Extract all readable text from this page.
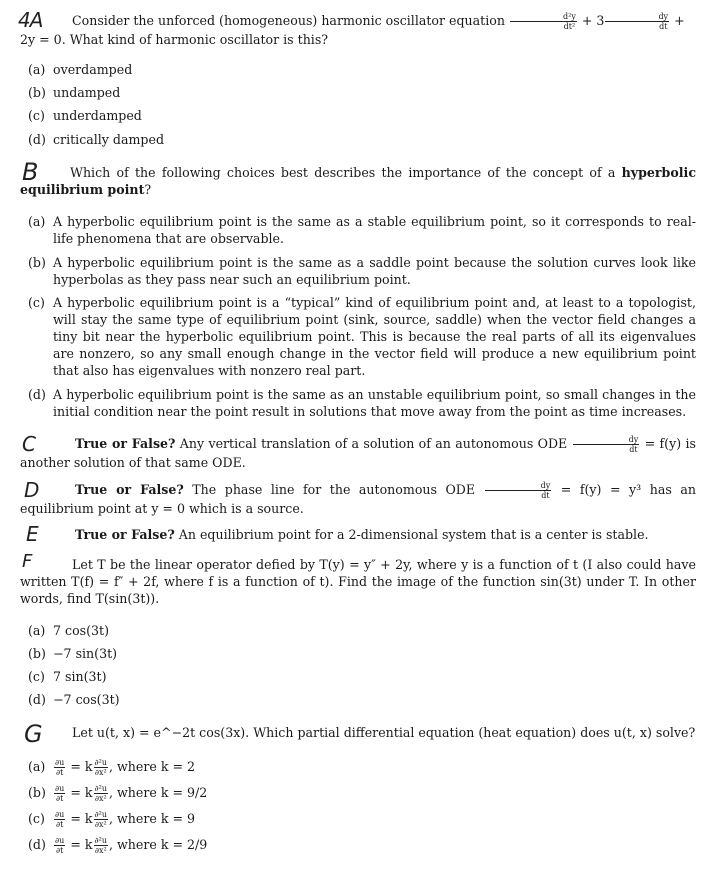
4A	Consider the unforced (homogeneous) harmonic oscillator equation $\frac{\text{d²y}}{\text{dt²}} + 3 \frac{dy}{dt} + 2y = 0$. What kind of harmonic oscillator is this?
(a) overdamped
(b) undamped
(c) underdamped
(d) critically damped
B	Which of the following choices best describes the importance of the concept of a hyperbolic equilibrium point?
(a) A hyperbolic equilibrium point is the same as a stable equilibrium point, so it corresponds to real-life phenomena that are observable.
(b) A hyperbolic equilibrium point is the same as a saddle point because the solution curves look like hyperbolas as they pass near such an equilibrium point.
(c) A hyperbolic equilibrium point is a “typical” kind of equilibrium point and, at least to a topologist, will stay the same type of equilibrium point (sink, source, saddle) when the vector field changes a tiny bit near the hyperbolic equilibrium point. This is because the real parts of all its eigenvalues are nonzero, so any small enough change in the vector field will produce a new equilibrium point that also has eigenvalues with nonzero real part.
(d) A hyperbolic equilibrium point is the same as an unstable equilibrium point, so small changes in the initial condition near the point result in solutions that move away from the point as time increases.
C	True or False? Any vertical translation of a solution of an autonomous ODE $\frac{dy}{dt} = f(y)$ is another solution of that same ODE.
D	True or False? The phase line for the autonomous ODE $\frac{dy}{dt} = f(y) = y^3$ has an equilibrium point at y = 0 which is a source.
E	True or False? An equilibrium point for a 2-dimensional system that is a center is stable.
F	Let T be the linear operator defied by T(y) = y″ + 2y, where y is a function of t (I also could have written T(f) = f″ + 2f, where f is a function of t). Find the image of the function sin(3t) under T. In other words, find T(sin(3t)).
(a) 7 cos(3t)
(b) −7 sin(3t)
(c) 7 sin(3t)
(d) −7 cos(3t)
G	Let u(t, x) = e^−2t cos(3x). Which partial differential equation (heat equation) does u(t, x) solve?
$(a) \frac{\partial u}{\partial t} = k \frac{\text{∂²u}}{\text{∂x²}}$ , where k = 2
$(b) \frac{\partial u}{\partial t} = k \frac{\text{∂²u}}{\text{∂x²}}$ , where k = 9/2
$(c) \frac{\partial u}{\partial t} = k \frac{\text{∂²u}}{\text{∂x²}}$ , where k = 9
$(d) \frac{\partial u}{\partial t} = k \frac{\text{∂²u}}{\text{∂x²}}$ , where k = 2/9
